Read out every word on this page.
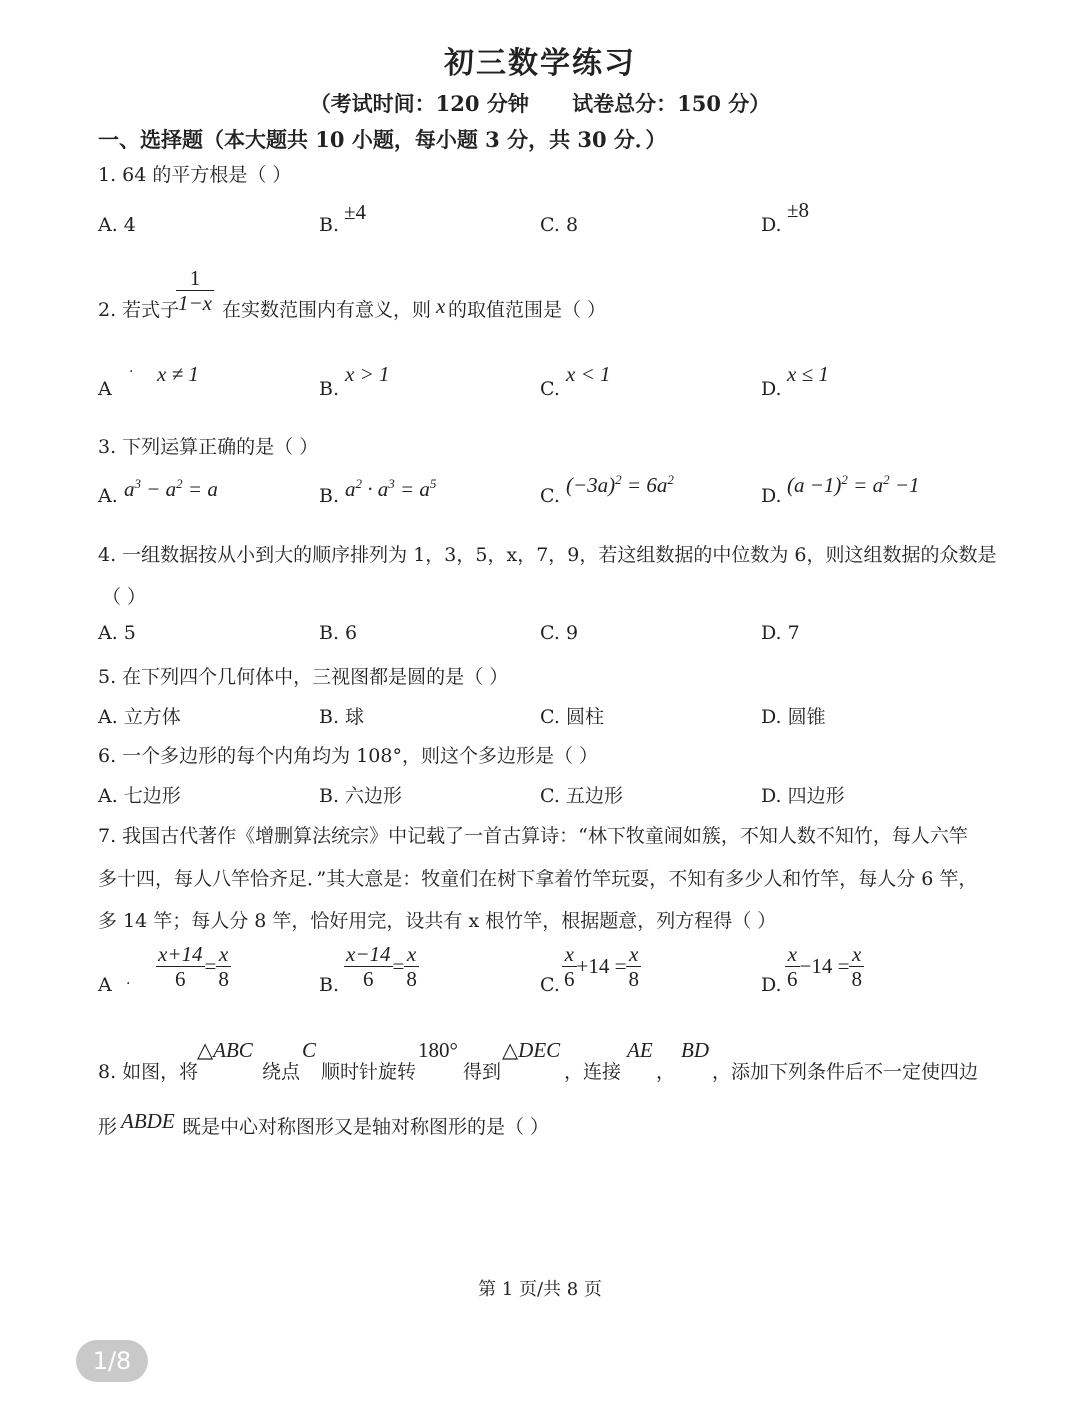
初三数学练习
（考试时间：120 分钟 试卷总分：150 分）
一、选择题（本大题共 10 小题，每小题 3 分，共 30 分．）
1. 64 的平方根是（ ）
A. 4	B.
±4
C. 8	D.
±8
2. 若式子
$\frac{1}{1-x}$ 在实数范围内有意义，则 x 的取值范围是（ ）
A
· x ≠ 1
B.
x > 1
C.
x < 1
D.
x ≤ 1
3. 下列运算正确的是（ ）
A. $a^3 - a^2 = a$	B. $a^2 \cdot a^3 = a^5$
C. $(-3a)^2 = 6a^2$
D. $(a -1)^2 = a^2 -1$
4. 一组数据按从小到大的顺序排列为 1，3，5，x，7，9，若这组数据的中位数为 6，则这组数据的众数是
（ ）
A. 5	B. 6	C. 9	D. 7
5. 在下列四个几何体中，三视图都是圆的是（ ）
A. 立方体	B. 球	C. 圆柱	D. 圆锥
6. 一个多边形的每个内角均为 108°，则这个多边形是（ ）
A. 七边形	B. 六边形	C. 五边形	D. 四边形
7. 我国古代著作《增删算法统宗》中记载了一首古算诗：“林下牧童闹如簇，不知人数不知竹，每人六竿
多十四，每人八竿恰齐足．”其大意是：牧童们在树下拿着竹竿玩耍，不知有多少人和竹竿，每人分 6 竿，
多 14 竿；每人分 8 竿，恰好用完，设共有 x 根竹竿，根据题意，列方程得（ ）
A . $\frac{x+14}{6} = \frac{x}{8}$	B. $\frac{x-14}{6} = \frac{x}{8}$	C. $\frac{x}{6} +14 = \frac{x}{8}$	D. $\frac{x}{6} -14 = \frac{x}{8}$
8. 如图，将
△ABC
绕点
C
顺时针旋转
180°
得到
△DEC
，连接
AE
，
BD
，添加下列条件后不一定使四边
形 ABDE 既是中心对称图形又是轴对称图形的是（ ）
第 1 页/共 8 页
1/8
